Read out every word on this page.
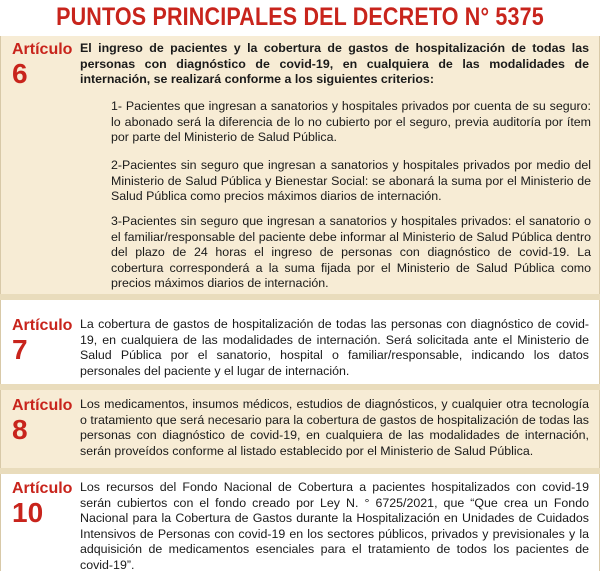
PUNTOS PRINCIPALES DEL DECRETO N° 5375
Artículo
6
El ingreso de pacientes y la cobertura de gastos de hospitalización de todas las personas con diagnóstico de covid-19, en cualquiera de las modalidades de internación, se realizará conforme a los siguientes criterios:
1- Pacientes que ingresan a sanatorios y hospitales privados por cuenta de su seguro: lo abonado será la diferencia de lo no cubierto por el seguro, previa auditoría por ítem por parte del Ministerio de Salud Pública.
2-Pacientes sin seguro que ingresan a sanatorios y hospitales privados por medio del Ministerio de Salud Pública y Bienestar Social: se abonará la suma por el Ministerio de Salud Pública como precios máximos diarios de internación.
3-Pacientes sin seguro que ingresan a sanatorios y hospitales privados: el sanatorio o el familiar/responsable del paciente debe informar al Ministerio de Salud Pública dentro del plazo de 24 horas el ingreso de personas con diagnóstico de covid-19. La cobertura corresponderá a la suma fijada por el Ministerio de Salud Pública como precios máximos diarios de internación.
Artículo
7
La cobertura de gastos de hospitalización de todas las personas con diagnóstico de covid-19, en cualquiera de las modalidades de internación. Será solicitada ante el Ministerio de Salud Pública por el sanatorio, hospital o familiar/responsable, indicando los datos personales del paciente y el lugar de internación.
Artículo
8
Los medicamentos, insumos médicos, estudios de diagnósticos, y cualquier otra tecnología o tratamiento que será necesario para la cobertura de gastos de hospitalización de todas las personas con diagnóstico de covid-19, en cualquiera de las modalidades de internación, serán proveídos conforme al listado establecido por el Ministerio de Salud Pública.
Artículo
10
Los recursos del Fondo Nacional de Cobertura a pacientes hospitalizados con covid-19 serán cubiertos con el fondo creado por Ley N. ° 6725/2021, que “Que crea un Fondo Nacional para la Cobertura de Gastos durante la Hospitalización en Unidades de Cuidados Intensivos de Personas con covid-19 en los sectores públicos, privados y previsionales y la adquisición de medicamentos esenciales para el tratamiento de todos los pacientes de covid-19”.
